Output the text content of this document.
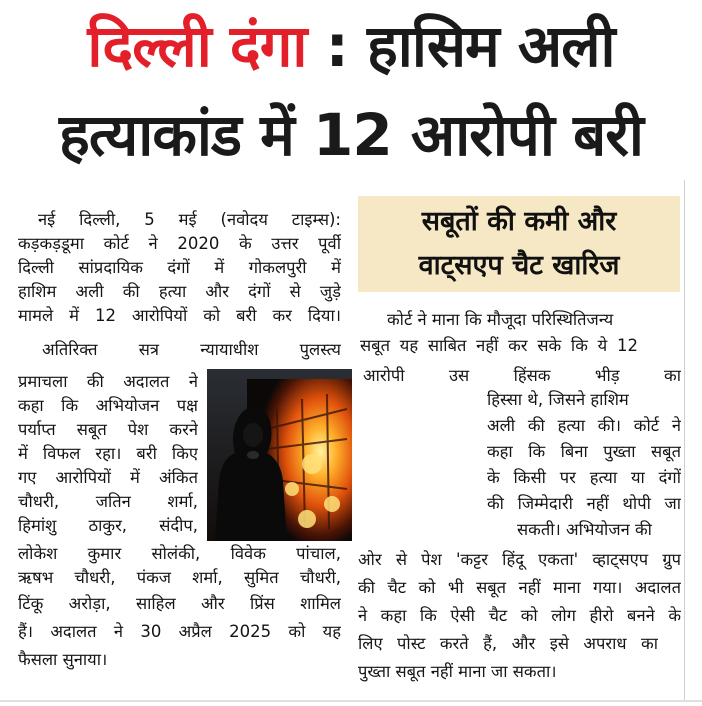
दिल्ली दंगा : हासिम अली
हत्याकांड में 12 आरोपी बरी
नई दिल्ली, 5 मई (नवोदय टाइम्स):
कड़कड़डूमा कोर्ट ने 2020 के उत्तर पूर्वी
दिल्ली सांप्रदायिक दंगों में गोकलपुरी में
हाशिम अली की हत्या और दंगों से जुड़े
मामले में 12 आरोपियों को बरी कर दिया।
अतिरिक्त सत्र न्यायाधीश पुलस्त्य
प्रमाचला की अदालत ने
कहा कि अभियोजन पक्ष
पर्याप्त सबूत पेश करने
में विफल रहा। बरी किए
गए आरोपियों में अंकित
चौधरी, जतिन शर्मा,
हिमांशु ठाकुर, संदीप,
लोकेश कुमार सोलंकी, विवेक पांचाल,
ऋषभ चौधरी, पंकज शर्मा, सुमित चौधरी,
टिंकू अरोड़ा, साहिल और प्रिंस शामिल
हैं। अदालत ने 30 अप्रैल 2025 को यह
फैसला सुनाया।
सबूतों की कमी और
वाट्सएप चैट खारिज
कोर्ट ने माना कि मौजूदा परिस्थितिजन्य
सबूत यह साबित नहीं कर सके कि ये 12
आरोपी उस हिंसक भीड़ का
हिस्सा थे, जिसने हाशिम
अली की हत्या की। कोर्ट ने
कहा कि बिना पुख्ता सबूत
के किसी पर हत्या या दंगों
की जिम्मेदारी नहीं थोपी जा
सकती। अभियोजन की
ओर से पेश 'कट्टर हिंदू एकता' व्हाट्सएप ग्रुप
की चैट को भी सबूत नहीं माना गया। अदालत
ने कहा कि ऐसी चैट को लोग हीरो बनने के
लिए पोस्ट करते हैं, और इसे अपराध का
पुख्ता सबूत नहीं माना जा सकता।
